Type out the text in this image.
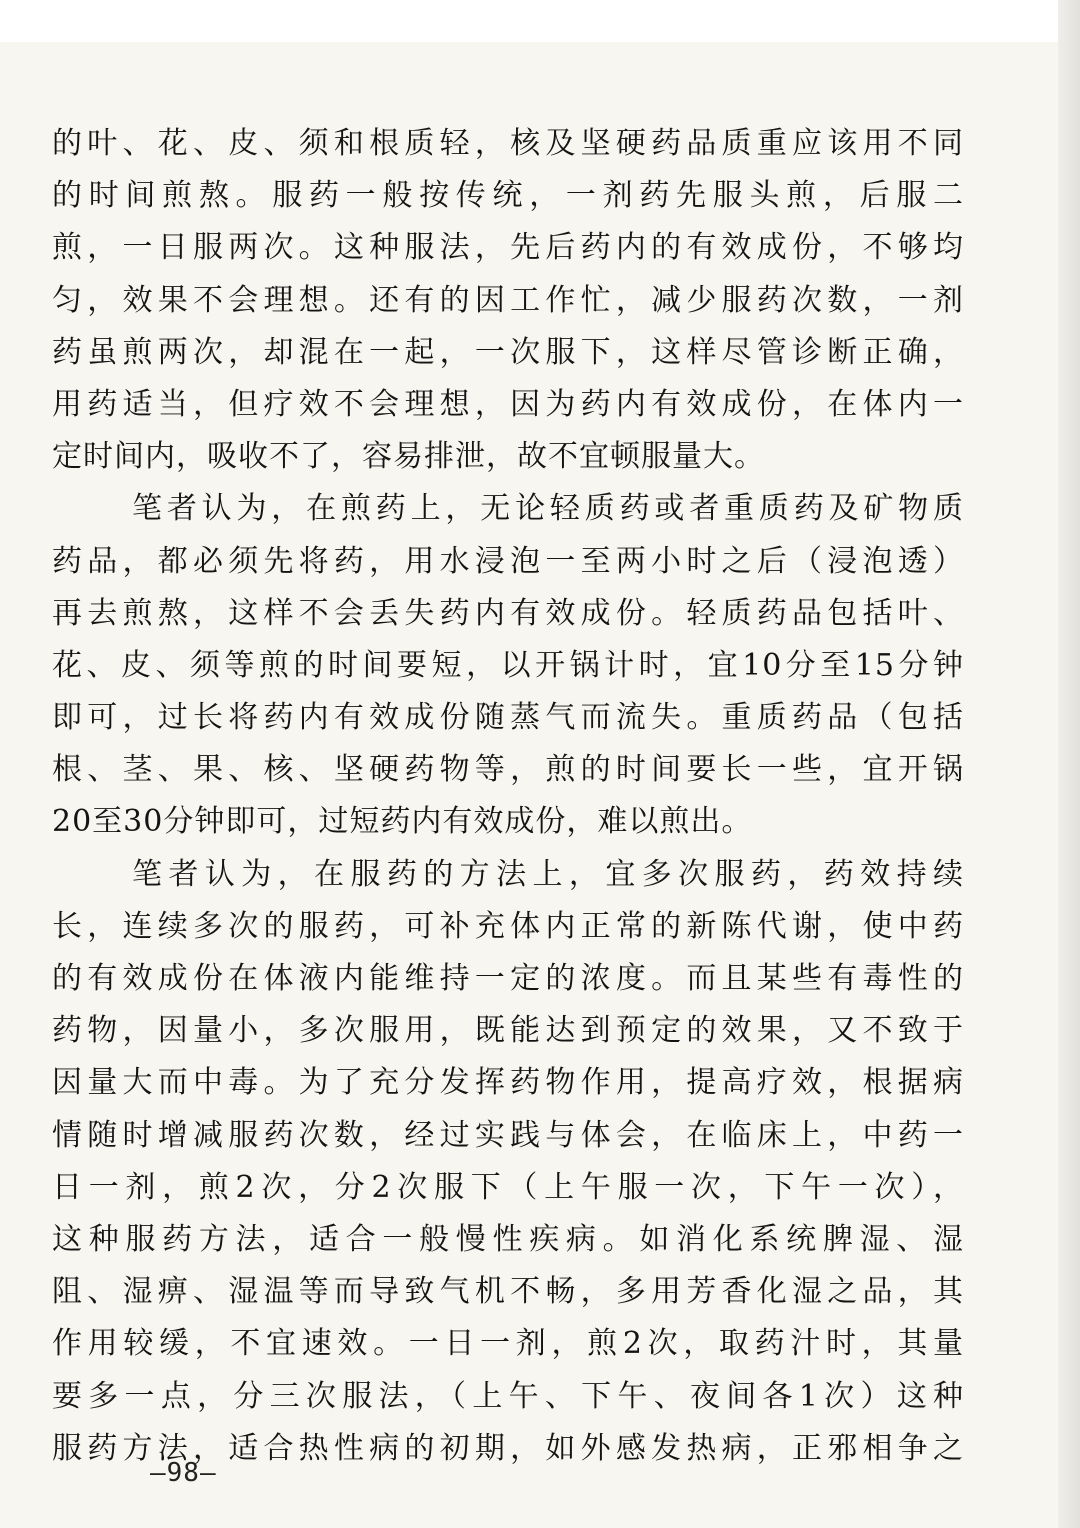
的叶、花、皮、须和根质轻，核及坚硬药品质重应该用不同
的时间煎熬。服药一般按传统，一剂药先服头煎，后服二
煎，一日服两次。这种服法，先后药内的有效成份，不够均
匀，效果不会理想。还有的因工作忙，减少服药次数，一剂
药虽煎两次，却混在一起，一次服下，这样尽管诊断正确，
用药适当，但疗效不会理想，因为药内有效成份，在体内一
定时间内，吸收不了，容易排泄，故不宜顿服量大。
笔者认为，在煎药上，无论轻质药或者重质药及矿物质
药品，都必须先将药，用水浸泡一至两小时之后（浸泡透）
再去煎熬，这样不会丢失药内有效成份。轻质药品包括叶、
花、皮、须等煎的时间要短，以开锅计时，宜10分至15分钟
即可，过长将药内有效成份随蒸气而流失。重质药品（包括
根、茎、果、核、坚硬药物等，煎的时间要长一些，宜开锅
20至30分钟即可，过短药内有效成份，难以煎出。
笔者认为，在服药的方法上，宜多次服药，药效持续
长，连续多次的服药，可补充体内正常的新陈代谢，使中药
的有效成份在体液内能维持一定的浓度。而且某些有毒性的
药物，因量小，多次服用，既能达到预定的效果，又不致于
因量大而中毒。为了充分发挥药物作用，提高疗效，根据病
情随时增减服药次数，经过实践与体会，在临床上，中药一
日一剂，煎2次，分2次服下（上午服一次，下午一次），
这种服药方法，适合一般慢性疾病。如消化系统脾湿、湿
阻、湿痹、湿温等而导致气机不畅，多用芳香化湿之品，其
作用较缓，不宜速效。一日一剂，煎2次，取药汁时，其量
要多一点，分三次服法，（上午、下午、夜间各1次）这种
服药方法，适合热性病的初期，如外感发热病，正邪相争之
—98—
